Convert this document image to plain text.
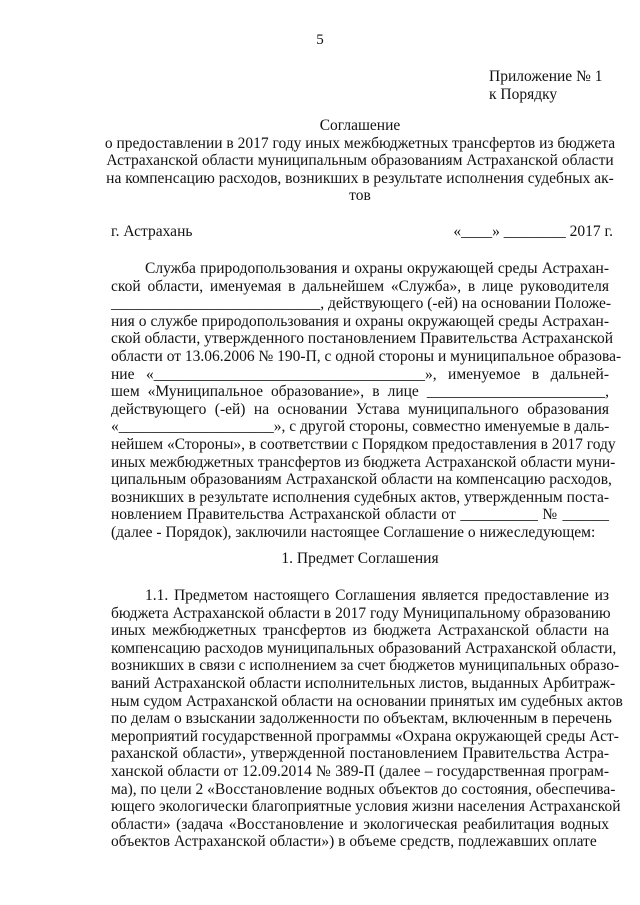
5
Приложение № 1
к Порядку
Соглашение
о предоставлении в 2017 году иных межбюджетных трансфертов из бюджета
Астраханской области муниципальным образованиям Астраханской области
на компенсацию расходов, возникших в результате исполнения судебных ак-
тов
г. Астрахань	«____» ________ 2017 г.
Служба природопользования и охраны окружающей среды Астрахан-
ской области, именуемая в дальнейшем «Служба», в лице руководителя
___________________________, действующего (-ей) на основании Положе-
ния о службе природопользования и охраны окружающей среды Астрахан-
ской области, утвержденного постановлением Правительства Астраханской
области от 13.06.2006 № 190-П, с одной стороны и муниципальное образова-
ние «___________________________________», именуемое в дальней-
шем «Муниципальное образование», в лице _______________________,
действующего (-ей) на основании Устава муниципального образования
«____________________», с другой стороны, совместно именуемые в даль-
нейшем «Стороны», в соответствии с Порядком предоставления в 2017 году
иных межбюджетных трансфертов из бюджета Астраханской области муни-
ципальным образованиям Астраханской области на компенсацию расходов,
возникших в результате исполнения судебных актов, утвержденным поста-
новлением Правительства Астраханской области от __________ № ______
(далее - Порядок), заключили настоящее Соглашение о нижеследующем:
1. Предмет Соглашения
1.1. Предметом настоящего Соглашения является предоставление из
бюджета Астраханской области в 2017 году Муниципальному образованию
иных межбюджетных трансфертов из бюджета Астраханской области на
компенсацию расходов муниципальных образований Астраханской области,
возникших в связи с исполнением за счет бюджетов муниципальных образо-
ваний Астраханской области исполнительных листов, выданных Арбитраж-
ным судом Астраханской области на основании принятых им судебных актов
по делам о взыскании задолженности по объектам, включенным в перечень
мероприятий государственной программы «Охрана окружающей среды Аст-
раханской области», утвержденной постановлением Правительства Астра-
ханской области от 12.09.2014 № 389-П (далее – государственная програм-
ма), по цели 2 «Восстановление водных объектов до состояния, обеспечива-
ющего экологически благоприятные условия жизни населения Астраханской
области» (задача «Восстановление и экологическая реабилитация водных
объектов Астраханской области») в объеме средств, подлежавших оплате
